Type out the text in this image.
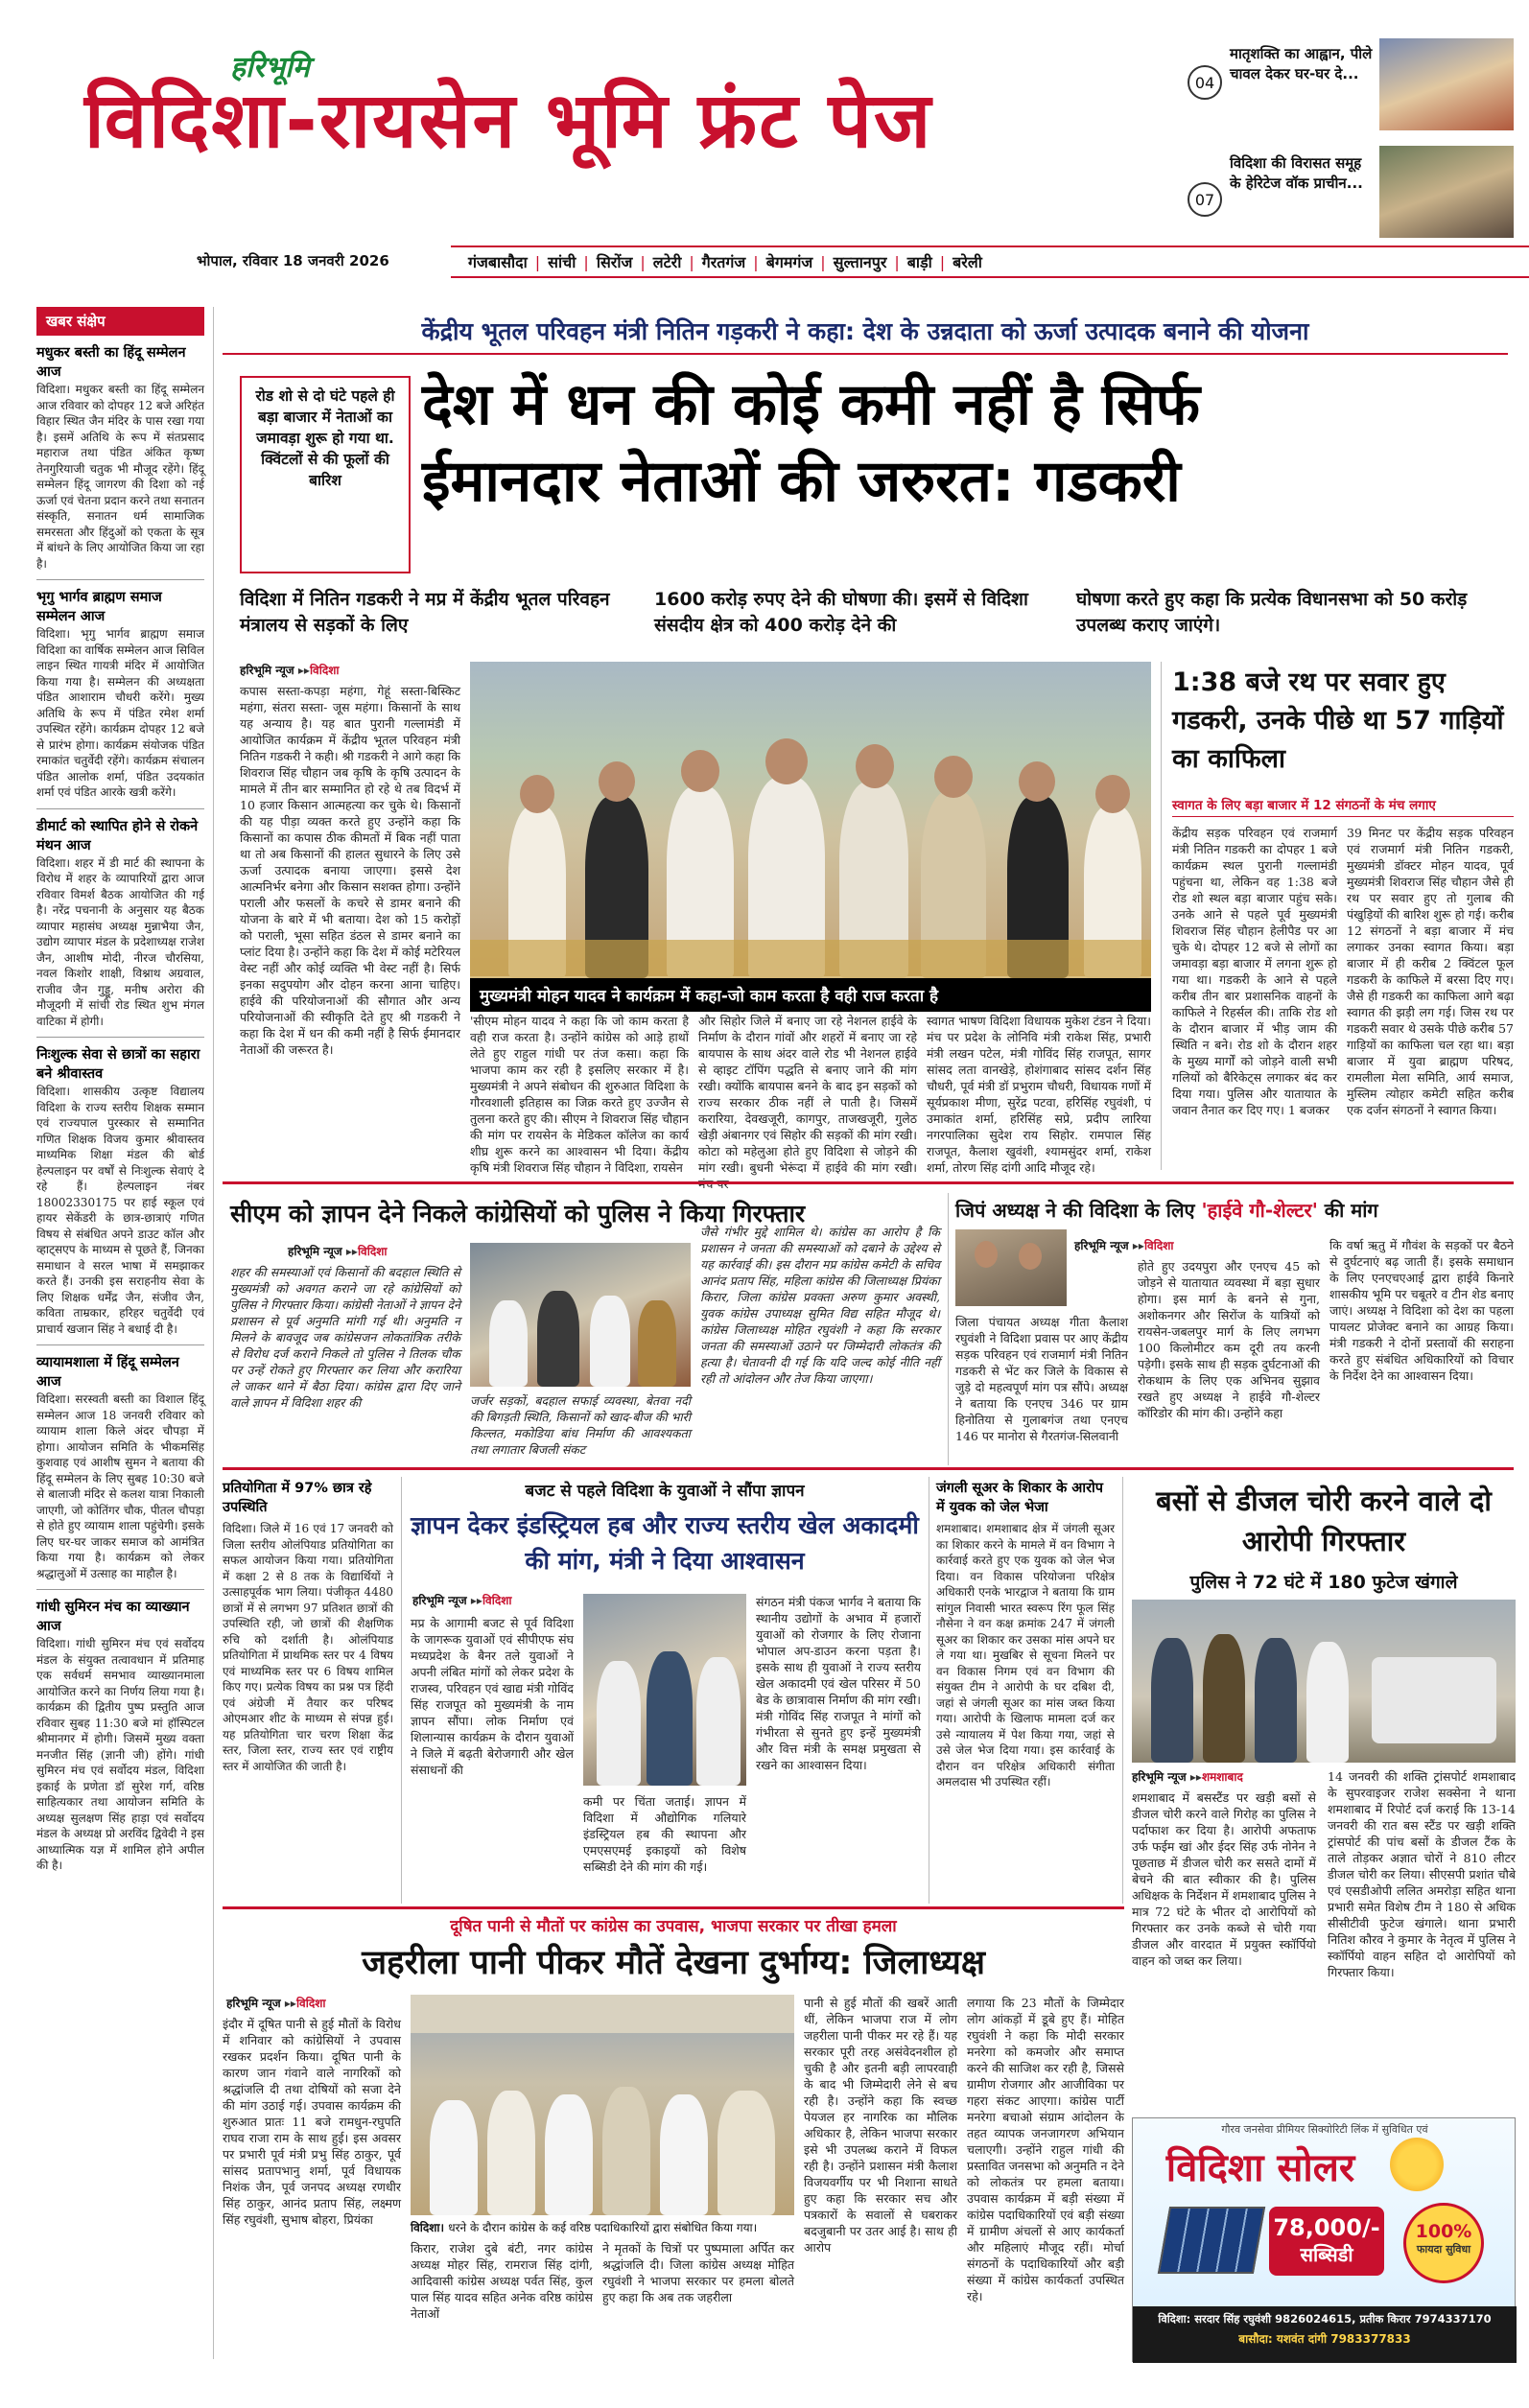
हरिभूमि
विदिशा-रायसेन भूमि फ्रंट पेज
भोपाल, रविवार 18 जनवरी 2026	गंजबासौदा | सांची | सिरोंज | लटेरी | गैरतगंज | बेगमगंज | सुल्तानपुर | बाड़ी | बरेली
04
मातृशक्ति का आह्वान, पीले चावल देकर घर-घर दे...
07
विदिशा की विरासत समूह के हेरिटेज वॉक प्राचीन...
खबर संक्षेप
मधुकर बस्ती का हिंदू सम्मेलन आज
विदिशा। मधुकर बस्ती का हिंदू सम्मेलन आज रविवार को दोपहर 12 बजे अरिहंत विहार स्थित जैन मंदिर के पास रखा गया है। इसमें अतिथि के रूप में संतप्रसाद महाराज तथा पंडित अंकित कृष्ण तेनगुरियाजी चतुक भी मौजूद रहेंगे। हिंदू सम्मेलन हिंदू जागरण की दिशा को नई ऊर्जा एवं चेतना प्रदान करने तथा सनातन संस्कृति, सनातन धर्म सामाजिक समरसता और हिंदुओं को एकता के सूत्र में बांधने के लिए आयोजित किया जा रहा है।
भृगु भार्गव ब्राह्मण समाज सम्मेलन आज
विदिशा। भृगु भार्गव ब्राह्मण समाज विदिशा का वार्षिक सम्मेलन आज सिविल लाइन स्थित गायत्री मंदिर में आयोजित किया गया है। सम्मेलन की अध्यक्षता पंडित आशाराम चौधरी करेंगे। मुख्य अतिथि के रूप में पंडित रमेश शर्मा उपस्थित रहेंगे। कार्यक्रम दोपहर 12 बजे से प्रारंभ होगा। कार्यक्रम संयोजक पंडित रमाकांत चतुर्वेदी रहेंगे। कार्यक्रम संचालन पंडित आलोक शर्मा, पंडित उदयकांत शर्मा एवं पंडित आरके खत्री करेंगे।
डीमार्ट को स्थापित होने से रोकने मंथन आज
विदिशा। शहर में डी मार्ट की स्थापना के विरोध में शहर के व्यापारियों द्वारा आज रविवार विमर्श बैठक आयोजित की गई है। नरेंद्र पचनानी के अनुसार यह बैठक व्यापार महासंघ अध्यक्ष मुन्नाभैया जैन, उद्योग व्यापार मंडल के प्रदेशाध्यक्ष राजेश जैन, आशीष मोदी, नीरज चौरसिया, नवल किशोर शाक्षी, विश्नाथ अग्रवाल, राजीव जैन गुड्डू, मनीष अरोरा की मौजूदगी में सांची रोड स्थित शुभ मंगल वाटिका में होगी।
निःशुल्क सेवा से छात्रों का सहारा बने श्रीवास्तव
विदिशा। शासकीय उत्कृष्ट विद्यालय विदिशा के राज्य स्तरीय शिक्षक सम्मान एवं राज्यपाल पुरस्कार से सम्मानित गणित शिक्षक विजय कुमार श्रीवास्तव माध्यमिक शिक्षा मंडल की बोर्ड हेल्पलाइन पर वर्षों से निःशुल्क सेवाएं दे रहे हैं। हेल्पलाइन नंबर 18002330175 पर हाई स्कूल एवं हायर सेकेंडरी के छात्र-छात्राएं गणित विषय से संबंधित अपने डाउट कॉल और व्हाट्सएप के माध्यम से पूछते हैं, जिनका समाधान वे सरल भाषा में समझाकर करते हैं। उनकी इस सराहनीय सेवा के लिए शिक्षक धर्मेंद्र जैन, संजीव जैन, कविता ताम्रकार, हरिहर चतुर्वेदी एवं प्राचार्य खजान सिंह ने बधाई दी है।
व्यायामशाला में हिंदू सम्मेलन आज
विदिशा। सरस्वती बस्ती का विशाल हिंदू सम्मेलन आज 18 जनवरी रविवार को व्यायाम शाला किले अंदर चौपड़ा में होगा। आयोजन समिति के भीकमसिंह कुशवाह एवं आशीष सुमन ने बताया की हिंदू सम्मेलन के लिए सुबह 10:30 बजे से बालाजी मंदिर से कलश यात्रा निकाली जाएगी, जो कोतिंगर चौक, पीतल चौपड़ा से होते हुए व्यायाम शाला पहुंचेगी। इसके लिए घर-घर जाकर समाज को आमंत्रित किया गया है। कार्यक्रम को लेकर श्रद्धालुओं में उत्साह का माहौल है।
गांधी सुमिरन मंच का व्याख्यान आज
विदिशा। गांधी सुमिरन मंच एवं सर्वोदय मंडल के संयुक्त तत्वावधान में प्रतिमाह एक सर्वधर्म समभाव व्याख्यानमाला आयोजित करने का निर्णय लिया गया है। कार्यक्रम की द्वितीय पुष्प प्रस्तुति आज रविवार सुबह 11:30 बजे मां हॉस्पिटल श्रीमानगर में होगी। जिसमें मुख्य वक्ता मनजीत सिंह (ज्ञानी जी) होंगे। गांधी सुमिरन मंच एवं सर्वोदय मंडल, विदिशा इकाई के प्रणेता डॉ सुरेश गर्ग, वरिष्ठ साहित्यकार तथा आयोजन समिति के अध्यक्ष सुलक्षण सिंह हाड़ा एवं सर्वोदय मंडल के अध्यक्ष प्रो अरविंद द्विवेदी ने इस आध्यात्मिक यज्ञ में शामिल होने अपील की है।
केंद्रीय भूतल परिवहन मंत्री नितिन गड़करी ने कहा: देश के उन्नदाता को ऊर्जा उत्पादक बनाने की योजना
रोड शो से दो घंटे पहले ही बड़ा बाजार में नेताओं का जमावड़ा शुरू हो गया था. क्विंटलों से की फूलों की बारिश
देश में धन की कोई कमी नहीं है सिर्फ
ईमानदार नेताओं की जरुरत: गडकरी
विदिशा में नितिन गडकरी ने मप्र में केंद्रीय भूतल परिवहन मंत्रालय से सड़कों के लिए
1600 करोड़ रुपए देने की घोषणा की। इसमें से विदिशा संसदीय क्षेत्र को 400 करोड़ देने की
घोषणा करते हुए कहा कि प्रत्येक विधानसभा को 50 करोड़ उपलब्ध कराए जाएंगे।
हरिभूमि न्यूज ▸▸विदिशा

कपास सस्ता-कपड़ा महंगा, गेहूं सस्ता-बिस्किट महंगा, संतरा सस्ता- जूस महंगा। किसानों के साथ यह अन्याय है। यह बात पुरानी गल्लामंडी में आयोजित कार्यक्रम में केंद्रीय भूतल परिवहन मंत्री नितिन गडकरी ने कही। श्री गडकरी ने आगे कहा कि शिवराज सिंह चौहान जब कृषि के कृषि उत्पादन के मामले में तीन बार सम्मानित हो रहे थे तब विदर्भ में 10 हजार किसान आत्महत्या कर चुके थे। किसानों की यह पीड़ा व्यक्त करते हुए उन्होंने कहा कि किसानों का कपास ठीक कीमतों में बिक नहीं पाता था तो अब किसानों की हालत सुधारने के लिए उसे ऊर्जा उत्पादक बनाया जाएगा। इससे देश आत्मनिर्भर बनेगा और किसान सशक्त होगा। उन्होंने पराली और फसलों के कचरे से डामर बनाने की योजना के बारे में भी बताया। देश को 15 करोड़ों को पराली, भूसा सहित डंठल से डामर बनाने का प्लांट दिया है। उन्होंने कहा कि देश में कोई मटेरियल वेस्ट नहीं और कोई व्यक्ति भी वेस्ट नहीं है। सिर्फ इनका सदुपयोग और दोहन करना आना चाहिए। हाईवे की परियोजनाओं की सौगात और अन्य परियोजनाओं की स्वीकृति देते हुए श्री गडकरी ने कहा कि देश में धन की कमी नहीं है सिर्फ ईमानदार नेताओं की जरूरत है।

मुख्यमंत्री मोहन यादव ने कार्यक्रम में कहा-जो काम करता है वही राज करता है

'सीएम मोहन यादव ने कहा कि जो काम करता है वही राज करता है। उन्होंने कांग्रेस को आड़े हाथों लेते हुए राहुल गांधी पर तंज कसा। कहा कि भाजपा काम कर रही है इसलिए सरकार में है। मुख्यमंत्री ने अपने संबोधन की शुरुआत विदिशा के गौरवशाली इतिहास का जिक्र करते हुए उज्जैन से तुलना करते हुए की। सीएम ने शिवराज सिंह चौहान की मांग पर रायसेन के मेडिकल कॉलेज का कार्य शीघ्र शुरू करने का आश्वासन भी दिया। केंद्रीय कृषि मंत्री शिवराज सिंह चौहान ने विदिशा, रायसेन

और सिहोर जिले में बनाए जा रहे नेशनल हाईवे के निर्माण के दौरान गांवों और शहरों में बनाए जा रहे बायपास के साथ अंदर वाले रोड भी नेशनल हाईवे से व्हाइट टॉपिंग पद्धति से बनाए जाने की मांग रखी। क्योंकि बायपास बनने के बाद इन सड़कों को राज्य सरकार ठीक नहीं ले पाती है। जिसमें करारिया, देवखजूरी, कागपुर, ताजखजूरी, गुलेठ खेड़ी अंबानगर एवं सिहोर की सड़कों की मांग रखी। कोटा को महेलुआ होते हुए विदिशा से जोड़ने की मांग रखी। बुधनी भेरूंदा में हाईवे की मांग रखी।

स्वागत भाषण विदिशा विधायक मुकेश टंडन ने दिया। मंच पर प्रदेश के लोनिवि मंत्री राकेश सिंह, प्रभारी मंत्री लखन पटेल, मंत्री गोविंद सिंह राजपूत, सागर सांसद लता वानखेड़े, होशंगाबाद सांसद दर्शन सिंह चौधरी, पूर्व मंत्री डॉ प्रभुराम चौधरी, विधायक गणों में सूर्यप्रकाश मीणा, सुरेंद्र पटवा, हरिसिंह रघुवंशी, पं उमाकांत शर्मा, हरिसिंह सप्रे, प्रदीप लारिया नगरपालिका सुदेश राय सिहोर. रामपाल सिंह राजपूत, कैलाश खुवंशी, श्यामसुंदर शर्मा, राकेश शर्मा, तोरण सिंह दांगी आदि मौजूद रहे।

1:38 बजे रथ पर सवार हुए गडकरी, उनके पीछे था 57 गाड़ियों का काफिला
स्वागत के लिए बड़ा बाजार में 12 संगठनों के मंच लगाए

केंद्रीय सड़क परिवहन एवं राजमार्ग मंत्री नितिन गडकरी का दोपहर 1 बजे कार्यक्रम स्थल पुरानी गल्लामंडी पहुंचना था, लेकिन वह 1:38 बजे रोड शो स्थल बड़ा बाजार पहुंच सके। उनके आने से पहले पूर्व मुख्यमंत्री शिवराज सिंह चौहान हेलीपैड पर आ चुके थे। दोपहर 12 बजे से लोगों का जमावड़ा बड़ा बाजार में लगना शुरू हो गया था। गडकरी के आने से पहले करीब तीन बार प्रशासनिक वाहनों के काफिले ने रिहर्सल की। ताकि रोड शो के दौरान बाजार में भीड़ जाम की स्थिति न बने। रोड शो के दौरान शहर के मुख्य मार्गों को जोड़ने वाली सभी गलियों को बैरिकेट्स लगाकर बंद कर दिया गया। पुलिस और यातायात के जवान तैनात कर दिए गए। 1 बजकर

39 मिनट पर केंद्रीय सड़क परिवहन एवं राजमार्ग मंत्री नितिन गडकरी, मुख्यमंत्री डॉक्टर मोहन यादव, पूर्व मुख्यमंत्री शिवराज सिंह चौहान जैसे ही रथ पर सवार हुए तो गुलाब की पंखुड़ियों की बारिश शुरू हो गई। करीब 12 संगठनों ने बड़ा बाजार में मंच लगाकर उनका स्वागत किया। बड़ा बाजार में ही करीब 2 क्विंटल फूल गडकरी के काफिले में बरसा दिए गए। जैसे ही गडकरी का काफिला आगे बढ़ा स्वागत की झड़ी लग गई। जिस रथ पर गडकरी सवार थे उसके पीछे करीब 57 गाड़ियों का काफिला चल रहा था। बड़ा बाजार में युवा ब्राह्मण परिषद, रामलीला मेला समिति, आर्य समाज, मुस्लिम त्योहार कमेटी सहित करीब एक दर्जन संगठनों ने स्वागत किया।

सीएम को ज्ञापन देने निकले कांग्रेसियों को पुलिस ने किया गिरफ्तार
हरिभूमि न्यूज ▸▸विदिशा

शहर की समस्याओं एवं किसानों की बदहाल स्थिति से मुख्यमंत्री को अवगत कराने जा रहे कांग्रेसियों को पुलिस ने गिरफ्तार किया। कांग्रेसी नेताओं ने ज्ञापन देने प्रशासन से पूर्व अनुमति मांगी गई थी। अनुमति न मिलने के बावजूद जब कांग्रेसजन लोकतांत्रिक तरीके से विरोध दर्ज कराने निकले तो पुलिस ने तिलक चौक पर उन्हें रोकते हुए गिरफ्तार कर लिया और करारिया ले जाकर थाने में बैठा दिया। कांग्रेस द्वारा दिए जाने वाले ज्ञापन में विदिशा शहर की	जर्जर सड़कों, बदहाल सफाई व्यवस्था, बेतवा नदी की बिगड़ती स्थिति, किसानों को खाद-बीज की भारी किल्लत, मकोडिया बांध निर्माण की आवश्यकता तथा लगातार बिजली संकट

जैसे गंभीर मुद्दे शामिल थे। कांग्रेस का आरोप है कि प्रशासन ने जनता की समस्याओं को दबाने के उद्देश्य से यह कार्रवाई की। इस दौरान मप्र कांग्रेस कमेटी के सचिव आनंद प्रताप सिंह, महिला कांग्रेस की जिलाध्यक्ष प्रियंका किरार, जिला कांग्रेस प्रवक्ता अरुण कुमार अवस्थी, युवक कांग्रेस उपाध्यक्ष सुमित विद्य सहित मौजूद थे। कांग्रेस जिलाध्यक्ष मोहित रघुवंशी ने कहा कि सरकार जनता की समस्याओं उठाने पर जिम्मेदारी लोकतंत्र की हत्या है। चेतावनी दी गई कि यदि जल्द कोई नीति नहीं रही तो आंदोलन और तेज किया जाएगा।

जिपं अध्यक्ष ने की विदिशा के लिए 'हाईवे गौ-शेल्टर' की मांग
हरिभूमि न्यूज ▸▸विदिशा

जिला पंचायत अध्यक्ष गीता कैलाश रघुवंशी ने विदिशा प्रवास पर आए केंद्रीय सड़क परिवहन एवं राजमार्ग मंत्री नितिन गडकरी से भेंट कर जिले के विकास से जुड़े दो महत्वपूर्ण मांग पत्र सौंपे। अध्यक्ष ने बताया कि एनएच 346 पर ग्राम हिनोतिया से गुलाबगंज तथा एनएच 146 पर मानोरा से गैरतगंज-सिलवानी

होते हुए उदयपुरा और एनएच 45 को जोड़ने से यातायात व्यवस्था में बड़ा सुधार होगा। इस मार्ग के बनने से गुना, अशोकनगर और सिरोंज के यात्रियों को रायसेन-जबलपुर मार्ग के लिए लगभग 100 किलोमीटर कम दूरी तय करनी पड़ेगी। इसके साथ ही सड़क दुर्घटनाओं की रोकथाम के लिए एक अभिनव सुझाव रखते हुए अध्यक्ष ने हाईवे गौ-शेल्टर कॉरिडोर की मांग की। उन्होंने कहा

कि वर्षा ऋतु में गौवंश के सड़कों पर बैठने से दुर्घटनाएं बढ़ जाती हैं। इसके समाधान के लिए एनएचएआई द्वारा हाईवे किनारे शासकीय भूमि पर चबूतरे व टीन शेड बनाए जाएं। अध्यक्ष ने विदिशा को देश का पहला पायलट प्रोजेक्ट बनाने का आग्रह किया। मंत्री गडकरी ने दोनों प्रस्तावों की सराहना करते हुए संबंधित अधिकारियों को विचार के निर्देश देने का आश्वासन दिया।

प्रतियोगिता में 97% छात्र रहे उपस्थिति
विदिशा। जिले में 16 एवं 17 जनवरी को जिला स्तरीय ओलंपियाड प्रतियोगिता का सफल आयोजन किया गया। प्रतियोगिता में कक्षा 2 से 8 तक के विद्यार्थियों ने उत्साहपूर्वक भाग लिया। पंजीकृत 4480 छात्रों में से लगभग 97 प्रतिशत छात्रों की उपस्थिति रही, जो छात्रों की शैक्षणिक रुचि को दर्शाती है। ओलंपियाड प्रतियोगिता में प्राथमिक स्तर पर 4 विषय एवं माध्यमिक स्तर पर 6 विषय शामिल किए गए। प्रत्येक विषय का प्रश्न पत्र हिंदी एवं अंग्रेजी में तैयार कर परिषद ओएमआर शीट के माध्यम से संपन्न हुई। यह प्रतियोगिता चार चरण शिक्षा केंद्र स्तर, जिला स्तर, राज्य स्तर एवं राष्ट्रीय स्तर में आयोजित की जाती है।
बजट से पहले विदिशा के युवाओं ने सौंपा ज्ञापन
ज्ञापन देकर इंडस्ट्रियल हब और राज्य स्तरीय खेल अकादमी की मांग, मंत्री ने दिया आश्वासन
हरिभूमि न्यूज ▸▸विदिशा

मप्र के आगामी बजट से पूर्व विदिशा के जागरूक युवाओं एवं सीपीएफ संघ मध्यप्रदेश के बैनर तले युवाओं ने अपनी लंबित मांगों को लेकर प्रदेश के राजस्व, परिवहन एवं खाद्य मंत्री गोविंद सिंह राजपूत को मुख्यमंत्री के नाम ज्ञापन सौंपा। लोक निर्माण एवं शिलान्यास कार्यक्रम के दौरान युवाओं ने जिले में बढ़ती बेरोजगारी और खेल संसाधनों की

कमी पर चिंता जताई। ज्ञापन में विदिशा में औद्योगिक गलियारे इंडस्ट्रियल हब की स्थापना और एमएसएमई इकाइयों को विशेष सब्सिडी देने की मांग की गई।

संगठन मंत्री पंकज भार्गव ने बताया कि स्थानीय उद्योगों के अभाव में हजारों युवाओं को रोजगार के लिए रोजाना भोपाल अप-डाउन करना पड़ता है। इसके साथ ही युवाओं ने राज्य स्तरीय खेल अकादमी एवं खेल परिसर में 50 बेड के छात्रावास निर्माण की मांग रखी। मंत्री गोविंद सिंह राजपूत ने मांगों को गंभीरता से सुनते हुए इन्हें मुख्यमंत्री और वित्त मंत्री के समक्ष प्रमुखता से रखने का आश्वासन दिया।

जंगली सूअर के शिकार के आरोप में युवक को जेल भेजा
शमशाबाद। शमशाबाद क्षेत्र में जंगली सूअर का शिकार करने के मामले में वन विभाग ने कार्रवाई करते हुए एक युवक को जेल भेज दिया। वन विकास परियोजना परिक्षेत्र अधिकारी एनके भारद्वाज ने बताया कि ग्राम सांगुल निवासी भारत स्वरूप रिंग फूल सिंह नौसेना ने वन कक्ष क्रमांक 247 में जंगली सूअर का शिकार कर उसका मांस अपने घर ले गया था। मुखबिर से सूचना मिलने पर वन विकास निगम एवं वन विभाग की संयुक्त टीम ने आरोपी के घर दबिश दी, जहां से जंगली सूअर का मांस जब्त किया गया। आरोपी के खिलाफ मामला दर्ज कर उसे न्यायालय में पेश किया गया, जहां से उसे जेल भेज दिया गया। इस कार्रवाई के दौरान वन परिक्षेत्र अधिकारी संगीता अमलदास भी उपस्थित रहीं।
बसों से डीजल चोरी करने वाले दो आरोपी गिरफ्तार
पुलिस ने 72 घंटे में 180 फुटेज खंगाले
हरिभूमि न्यूज ▸▸शमशाबाद

शमशाबाद में बसस्टैंड पर खड़ी बसों से डीजल चोरी करने वाले गिरोह का पुलिस ने पर्दाफाश कर दिया है। आरोपी अफताफ उर्फ फईम खां और ईदर सिंह उर्फ नोनेन ने पूछताछ में डीजल चोरी कर ससते दामों में बेचने की बात स्वीकार की है। पुलिस अधिक्षक के निर्देशन में शमशाबाद पुलिस ने मात्र 72 घंटे के भीतर दो आरोपियों को गिरफ्तार कर उनके कब्जे से चोरी गया डीजल और वारदात में प्रयुक्त स्कॉर्पियो वाहन को जब्त कर लिया।

14 जनवरी की शक्ति ट्रांसपोर्ट शमशाबाद के सुपरवाइजर राजेश सक्सेना ने थाना शमशाबाद में रिपोर्ट दर्ज कराई कि 13-14 जनवरी की रात बस स्टैंड पर खड़ी शक्ति ट्रांसपोर्ट की पांच बसों के डीजल टैंक के ताले तोड़कर अज्ञात चोरों ने 810 लीटर डीजल चोरी कर लिया। सीएसपी प्रशांत चौबे एवं एसडीओपी ललित अमरोड़ा सहित थाना प्रभारी समेत विशेष टीम ने 180 से अधिक सीसीटीवी फुटेज खंगाले। थाना प्रभारी नितिश कौरव ने कुमार के नेतृत्व में पुलिस ने स्कॉर्पियो वाहन सहित दो आरोपियों को गिरफ्तार किया।

दूषित पानी से मौतों पर कांग्रेस का उपवास, भाजपा सरकार पर तीखा हमला
जहरीला पानी पीकर मौतें देखना दुर्भाग्य: जिलाध्यक्ष
हरिभूमि न्यूज ▸▸विदिशा

इंदौर में दूषित पानी से हुई मौतों के विरोध में शनिवार को कांग्रेसियों ने उपवास रखकर प्रदर्शन किया। दूषित पानी के कारण जान गंवाने वाले नागरिकों को श्रद्धांजलि दी तथा दोषियों को सजा देने की मांग उठाई गई। उपवास कार्यक्रम की शुरुआत प्रातः 11 बजे रामधुन-रघुपति राघव राजा राम के साथ हुई। इस अवसर पर प्रभारी पूर्व मंत्री प्रभु सिंह ठाकुर, पूर्व सांसद प्रतापभानु शर्मा, पूर्व विधायक निशंक जैन, पूर्व जनपद अध्यक्ष रणधीर सिंह ठाकुर, आनंद प्रताप सिंह, लक्ष्मण सिंह रघुवंशी, सुभाष बोहरा, प्रियंका

विदिशा। धरने के दौरान कांग्रेस के कई वरिष्ठ पदाधिकारियों द्वारा संबोधित किया गया।

किरार, राजेश दुबे बंटी, नगर कांग्रेस अध्यक्ष मोहर सिंह, रामराज सिंह दांगी, आदिवासी कांग्रेस अध्यक्ष पर्वत सिंह, कुल पाल सिंह यादव सहित अनेक वरिष्ठ कांग्रेस नेताओं

ने मृतकों के चित्रों पर पुष्पमाला अर्पित कर श्रद्धांजलि दी। जिला कांग्रेस अध्यक्ष मोहित रघुवंशी ने भाजपा सरकार पर हमला बोलते हुए कहा कि अब तक जहरीला

पानी से हुई मौतों की खबरें आती थीं, लेकिन भाजपा राज में लोग जहरीला पानी पीकर मर रहे हैं। यह सरकार पूरी तरह असंवेदनशील हो चुकी है और इतनी बड़ी लापरवाही के बाद भी जिम्मेदारी लेने से बच रही है। उन्होंने कहा कि स्वच्छ पेयजल हर नागरिक का मौलिक अधिकार है, लेकिन भाजपा सरकार इसे भी उपलब्ध कराने में विफल रही है। उन्होंने प्रशासन मंत्री कैलाश विजयवर्गीय पर भी निशाना साधते हुए कहा कि सरकार सच और पत्रकारों के सवालों से घबराकर बदजुबानी पर उतर आई है। साथ ही आरोप

लगाया कि 23 मौतों के जिम्मेदार लोग आंकड़ों में डूबे हुए हैं। मोहित रघुवंशी ने कहा कि मोदी सरकार मनरेगा को कमजोर और समाप्त करने की साजिश कर रही है, जिससे ग्रामीण रोजगार और आजीविका पर गहरा संकट आएगा। कांग्रेस पार्टी मनरेगा बचाओ संग्राम आंदोलन के तहत व्यापक जनजागरण अभियान चलाएगी। उन्होंने राहुल गांधी की प्रस्तावित जनसभा को अनुमति न देने को लोकतंत्र पर हमला बताया। उपवास कार्यक्रम में बड़ी संख्या में कांग्रेस पदाधिकारियों एवं बड़ी संख्या में ग्रामीण अंचलों से आए कार्यकर्ता और महिलाएं मौजूद रहीं। मोर्चा संगठनों के पदाधिकारियों और बड़ी संख्या में कांग्रेस कार्यकर्ता उपस्थित रहे।

गौरव जनसेवा प्रीमियर सिक्योरिटी लिंक में सुविधित एवं
विदिशा सोलर
78,000/-
सब्सिडी
100%
फायदा सुविधा
विदिशा: सरदार सिंह रघुवंशी 9826024615, प्रतीक किरार 7974337170
बासौदा: यशवंत दांगी 7983377833
